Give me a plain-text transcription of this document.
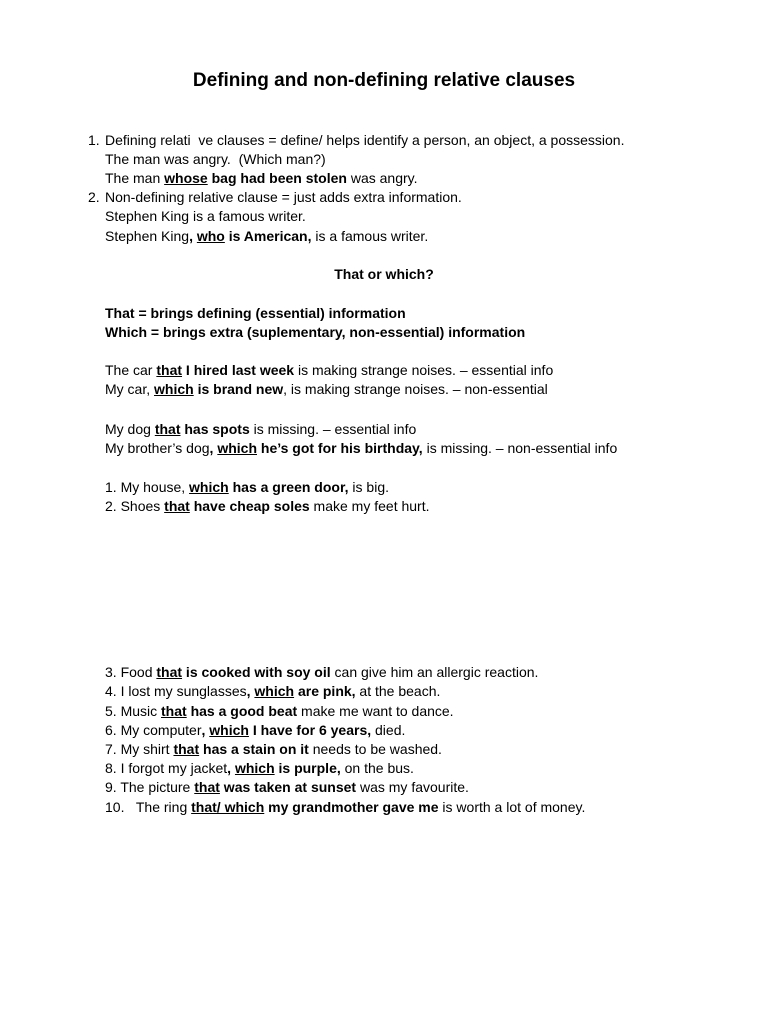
Defining and non-defining relative clauses
1. Defining relati  ve clauses = define/ helps identify a person, an object, a possession.
The man was angry.  (Which man?)
The man whose bag had been stolen was angry.
2. Non-defining relative clause = just adds extra information.
Stephen King is a famous writer.
Stephen King, who is American, is a famous writer.
That or which?
That = brings defining (essential) information
Which = brings extra (suplementary, non-essential) information
The car that I hired last week is making strange noises. – essential info
My car, which is brand new, is making strange noises. – non-essential
My dog that has spots is missing. – essential info
My brother’s dog, which he’s got for his birthday, is missing. – non-essential info
1. My house, which has a green door, is big.
2. Shoes that have cheap soles make my feet hurt.
3. Food that is cooked with soy oil can give him an allergic reaction.
4. I lost my sunglasses, which are pink, at the beach.
5. Music that has a good beat make me want to dance.
6. My computer, which I have for 6 years, died.
7. My shirt that has a stain on it needs to be washed.
8. I forgot my jacket, which is purple, on the bus.
9. The picture that was taken at sunset was my favourite.
10.   The ring that/ which my grandmother gave me is worth a lot of money.
